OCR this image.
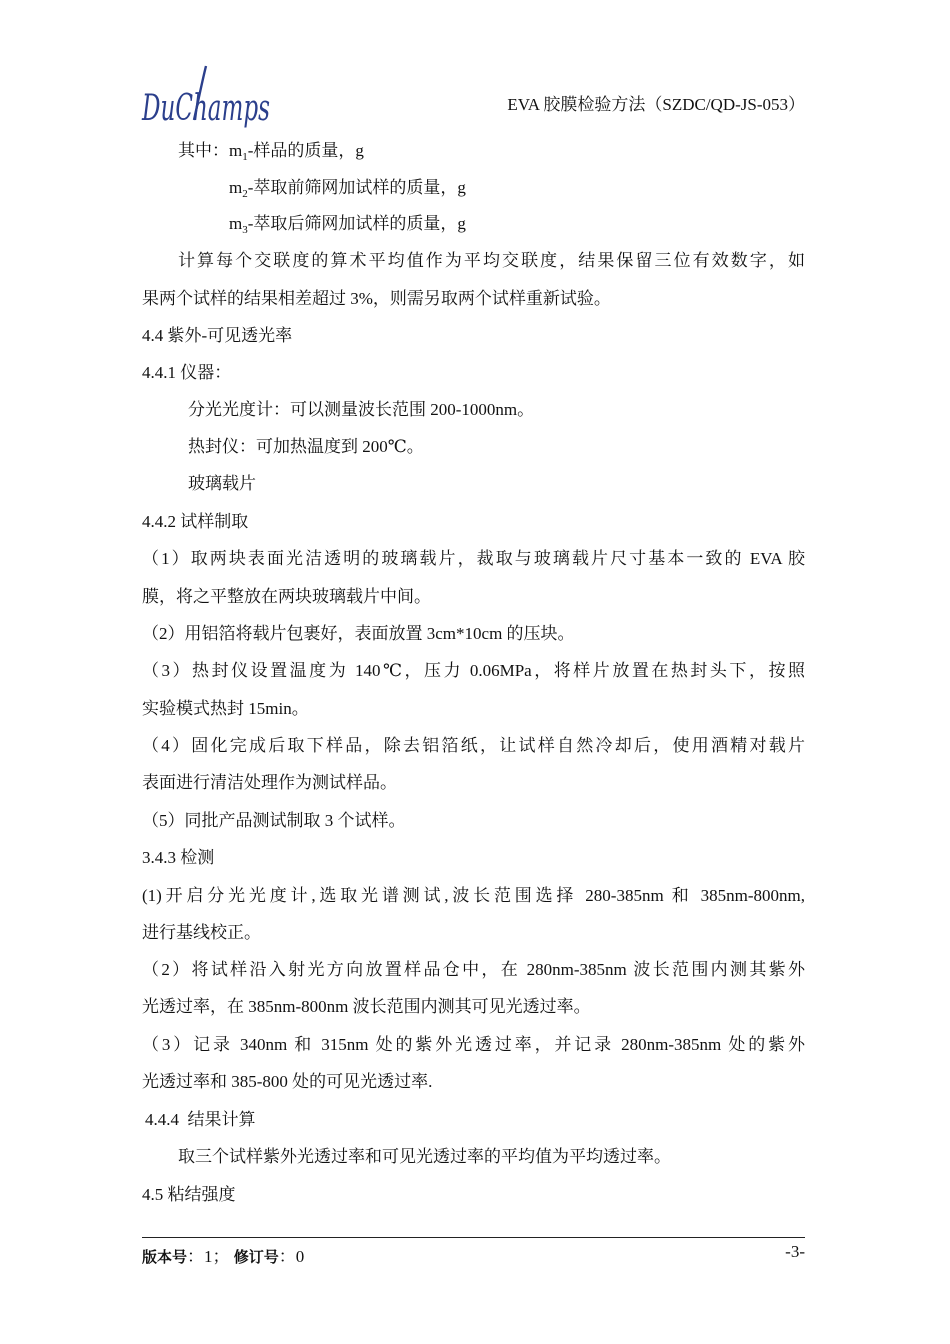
DuChamps	EVA 胶膜检验方法（SZDC/QD-JS-053）
其中：$m_1-$样品的质量，g
$m_2-$萃取前筛网加试样的质量，g
$m_3-$萃取后筛网加试样的质量，g
计算每个交联度的算术平均值作为平均交联度，结果保留三位有效数字，如
果两个试样的结果相差超过 3%，则需另取两个试样重新试验。
4.4 紫外-可见透光率
4.4.1 仪器：
分光光度计：可以测量波长范围 200-1000nm。
热封仪：可加热温度到 200℃。
玻璃载片
4.4.2 试样制取
（1）取两块表面光洁透明的玻璃载片，裁取与玻璃载片尺寸基本一致的 EVA 胶
膜，将之平整放在两块玻璃载片中间。
（2）用铝箔将载片包裹好，表面放置 3cm*10cm 的压块。
（3）热封仪设置温度为 140℃，压力 0.06MPa，将样片放置在热封头下，按照
实验模式热封 15min。
（4）固化完成后取下样品，除去铝箔纸，让试样自然冷却后，使用酒精对载片
表面进行清洁处理作为测试样品。
（5）同批产品测试制取 3 个试样。
3.4.3 检测
(1)开启分光光度计,选取光谱测试,波长范围选择 280-385nm 和 385nm-800nm,
进行基线校正。
（2）将试样沿入射光方向放置样品仓中，在 280nm-385nm 波长范围内测其紫外
光透过率，在 385nm-800nm 波长范围内测其可见光透过率。
（3）记录 340nm 和 315nm 处的紫外光透过率，并记录 280nm-385nm 处的紫外
光透过率和 385-800 处的可见光透过率.
4.4.4  结果计算
取三个试样紫外光透过率和可见光透过率的平均值为平均透过率。
4.5 粘结强度
版本号：1； 修订号：0	-3-
